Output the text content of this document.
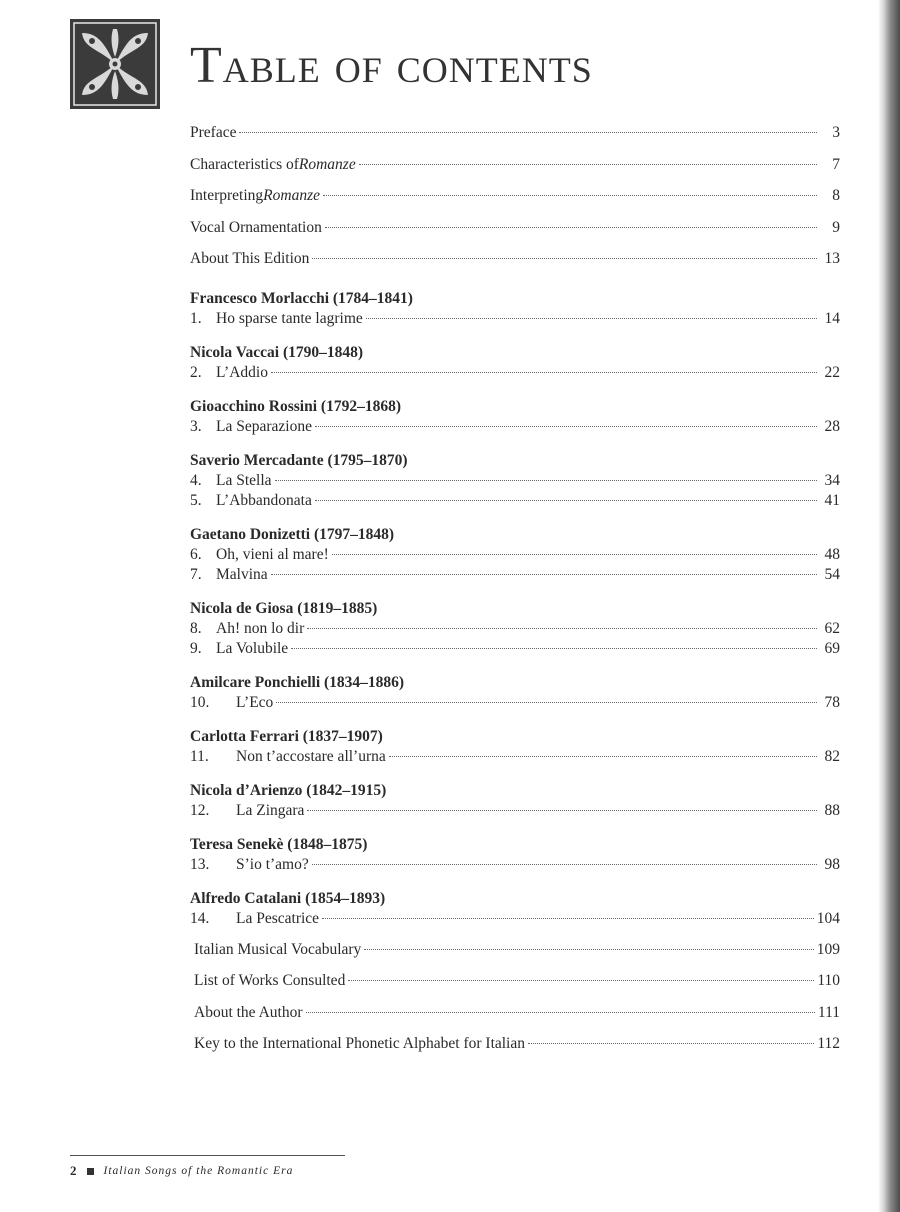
Table of contents
Preface	3
Characteristics of Romanze	7
Interpreting Romanze	8
Vocal Ornamentation	9
About This Edition	13
Francesco Morlacchi (1784–1841)
1. Ho sparse tante lagrime	14
Nicola Vaccai (1790–1848)
2. L’Addio	22
Gioacchino Rossini (1792–1868)
3. La Separazione	28
Saverio Mercadante (1795–1870)
4. La Stella	34
5. L’Abbandonata	41
Gaetano Donizetti (1797–1848)
6. Oh, vieni al mare!	48
7. Malvina	54
Nicola de Giosa (1819–1885)
8. Ah! non lo dir	62
9. La Volubile	69
Amilcare Ponchielli (1834–1886)
10.	L’Eco	78
Carlotta Ferrari (1837–1907)
11.	Non t’accostare all’urna	82
Nicola d’Arienzo (1842–1915)
12.	La Zingara	88
Teresa Senekè (1848–1875)
13.	S’io t’amo?	98
Alfredo Catalani (1854–1893)
14.	La Pescatrice	104
Italian Musical Vocabulary	109
List of Works Consulted	110
About the Author	111
Key to the International Phonetic Alphabet for Italian	112
2 Italian Songs of the Romantic Era
